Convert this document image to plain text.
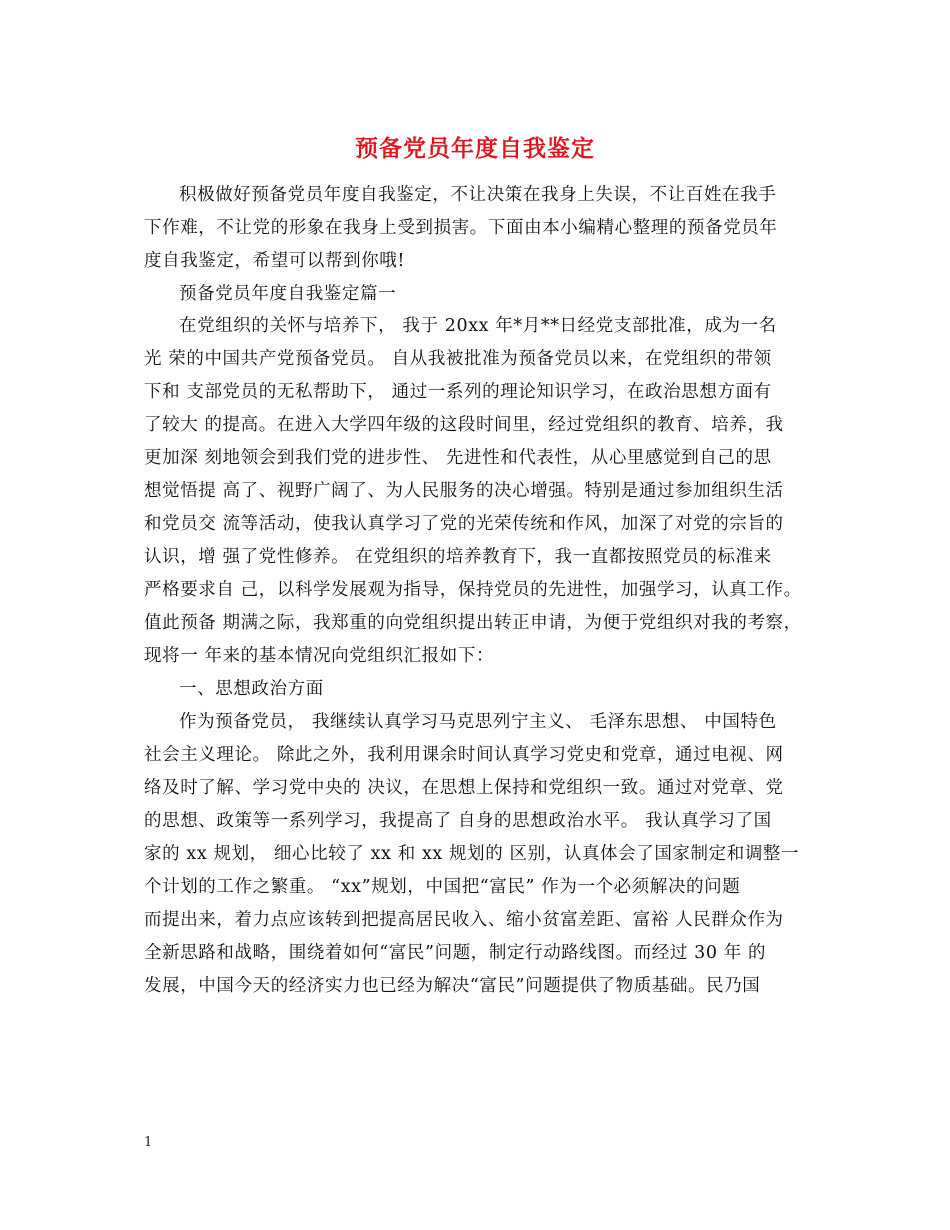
预备党员年度自我鉴定
积极做好预备党员年度自我鉴定，不让决策在我身上失误，不让百姓在我手
下作难，不让党的形象在我身上受到损害。下面由本小编精心整理的预备党员年
度自我鉴定，希望可以帮到你哦!
预备党员年度自我鉴定篇一
在党组织的关怀与培养下， 我于 20xx 年*月**日经党支部批准，成为一名
光 荣的中国共产党预备党员。 自从我被批准为预备党员以来，在党组织的带领
下和 支部党员的无私帮助下， 通过一系列的理论知识学习，在政治思想方面有
了较大 的提高。在进入大学四年级的这段时间里，经过党组织的教育、培养，我
更加深 刻地领会到我们党的进步性、 先进性和代表性，从心里感觉到自己的思
想觉悟提 高了、视野广阔了、为人民服务的决心增强。特别是通过参加组织生活
和党员交 流等活动，使我认真学习了党的光荣传统和作风，加深了对党的宗旨的
认识，增 强了党性修养。 在党组织的培养教育下，我一直都按照党员的标准来
严格要求自 己，以科学发展观为指导，保持党员的先进性，加强学习，认真工作。
值此预备 期满之际，我郑重的向党组织提出转正申请，为便于党组织对我的考察，
现将一 年来的基本情况向党组织汇报如下：
一、思想政治方面
作为预备党员， 我继续认真学习马克思列宁主义、 毛泽东思想、 中国特色
社会主义理论。 除此之外，我利用课余时间认真学习党史和党章，通过电视、网
络及时了解、学习党中央的 决议，在思想上保持和党组织一致。通过对党章、党
的思想、政策等一系列学习，我提高了 自身的思想政治水平。 我认真学习了国
家的 xx 规划， 细心比较了 xx 和 xx 规划的 区别，认真体会了国家制定和调整一
个计划的工作之繁重。 “xx”规划，中国把“富民” 作为一个必须解决的问题
而提出来，着力点应该转到把提高居民收入、缩小贫富差距、富裕 人民群众作为
全新思路和战略，围绕着如何“富民”问题，制定行动路线图。而经过 30 年 的
发展，中国今天的经济实力也已经为解决“富民”问题提供了物质基础。民乃国
1
